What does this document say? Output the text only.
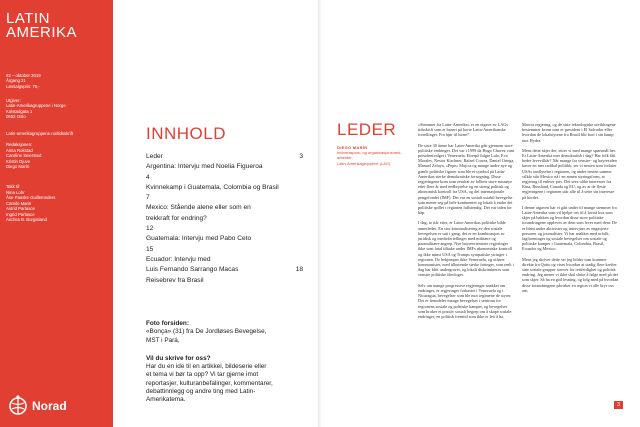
LATIN
AMERIKA
#2 – oktober 2019
Årgang 21
Løssalgspris: 75,-
Utgiver:
Latin-Amerikagruppene i Norge
Kolstadgata 1
0652 Oslo
Latin-amerikagruppene.no/tidsskrift
Redaksjonen:
Anita Rokstad
Caroline Seiersted
Kristin Djuve
Diego Marín
Takk til:
Nina Lohr
Åse Paaske Guillemnders
Camilo Marin
Astrid Parlasce
Ingrid Parlasce
Andrea B. Burgstiand
Norad
INNHOLD
Leder	3
Argentina: Intervju med Noelia Figueroa
4
Kvinnekamp i Guatemala, Colombia og Brasil
7
Mexico: Stående alene eller som en
trekkraft for endring?
12
Guatemala: Intervju med Pabo Ceto
15
Ecuador: Intervju med
Luis Fernando Sarrango Macas	18
Reisebrev fra Brasil
Foto forsiden:
«Bonça» (31) fra De Jordløses Bevegelse,
MST i Pará,
Vil du skrive for oss?
Har du en ide til en artikkel, bildeserie eller
et tema vi bør ta opp? Vi tar gjerne imot
reportasjer, kulturanbefalinger, kommentarer,
debattinnlegg og andre ting med Latin-
Amerikatema.
LEDER
DIEGO MARÍN
Informasjons- og organisasjonsmed-
arbeider,
Latin-Amerikagruppene (LAG)

«Stemmer fra Latin-Amerika» er en utgave av LAGs tidsskrift som er basert på korte Latin-Amerikanske fortellinger. Fra hjør til hirne?

De siste 30 årene har Latin-Amerika gått gjennom store politiske endringer. Det var i 1999 da Hugo Chavez vant presidentvalget i Venezuela. Etterpå fulgte Lula, Evo Morales, Nestor Kirchner, Rafael Correa, Daniel Ortega, Manuel Zelaya, «Pepe» Mujica og mange andre nye og gamle politiske figurer som ble et symbol på Latin-Amerikas sterke demokratiske forsøgning. Disse regjeringene kom som resultat av folkets store misnøye etter flere år med nedbrytelse og en streng politisk og økonomisk kontroll fra USA, og det internasjonale pengefondet (IMF). Det var en sosialt ustabil bevegelse som mente seg på hele kontinentet og lokalt å endre det politiske spillet i regionen fullstendig. Det var tiden for håp.

I dag, to tiår etter, er Latin-Amerikas politiske bilde annerledes. En stor kriminalisering av den sosiale bevegelsen er satt i gang, det er en kombinasjon av juridisk og mediefortellinger med militære og paramilitære angrep. Nye høyreorienterte regjeringer ikke som fatal tilbake under IMFs økonomiske kontroll og ikke minst USA og Trumps sympatiske ytringer i regionen. De bekjemper ikke Venezuela, og utfører kommunister, med tilhørende sterke føringer, som reelt i dag har blitt undergravet, og lokalt diskrimineres som venstre politiske ideologer.

Selv om mange progressive regjeringer snakket om endringer, er regjeringer forkastet i Venezuela og i Nicaragua, bevegelser som ble mot regimene de styrer. Det er fremdeles mange bevegelser i sentrum for regionens sosiale og politiske kamper, og bevegelser som bruker et positiv sosialt begrep om å skape sosiale endringer, en politisk fremtid som ikke er lett å ha.

Marcia regjering, og de siste teknologiske utviklingene bestemmer hvem som er president i El Salvador eller hvordan de lokalstyrene fra Brasil blir bort i sin kamp mot Hydra.

Mens dette skjer der, sitter vi med mange spørsmål her. Er Latin-Amerika mer demokratisk i dag? Har folk fått bedre levevilkår? Når mange fra venstre- og høyresiden kaver en mer radikal politikk, ser vi nesten som forlater USAs innflytelse i regionen, og under nesten samme vilkår står Mexico nå i en annen styringsform, at regjering til enhver pris. Det sees ulike interesser fra Kina, Russland, Canada og EU, og av at de fleste regjeringene i regionen står alle til å sette sin interesse på bordet.

I denne utgaven har vi gått under til mange stemmer fra Latin-Amerika som vil hjelpe oss til å forstå hva som skjer på bakken og hvordan disse store politiske forandringene oppleves av dem som lever med dem. De er blant andre aktivister og intervjuer av engasjerte personer og journalister. Vi har snakket med urfolk, fagforeninger og sosiale bevegelser om sosiale og politiske kamper i Guatemala, Colombia, Brasil, Ecuador og Mexico.

Mens jeg skriver dette ser jeg bilder som kommer direkte fra Quito og vises hvordan at stadig flere krefter sine sosiale grupper strever for rettferdighet og politisk endring. Jeg mener vi ikke skal slutte å følge med på det som skjer. Så ha en god lesning, og følg med på hvordan disse forandringene påvirker en region vi alle bryr oss om.

3
